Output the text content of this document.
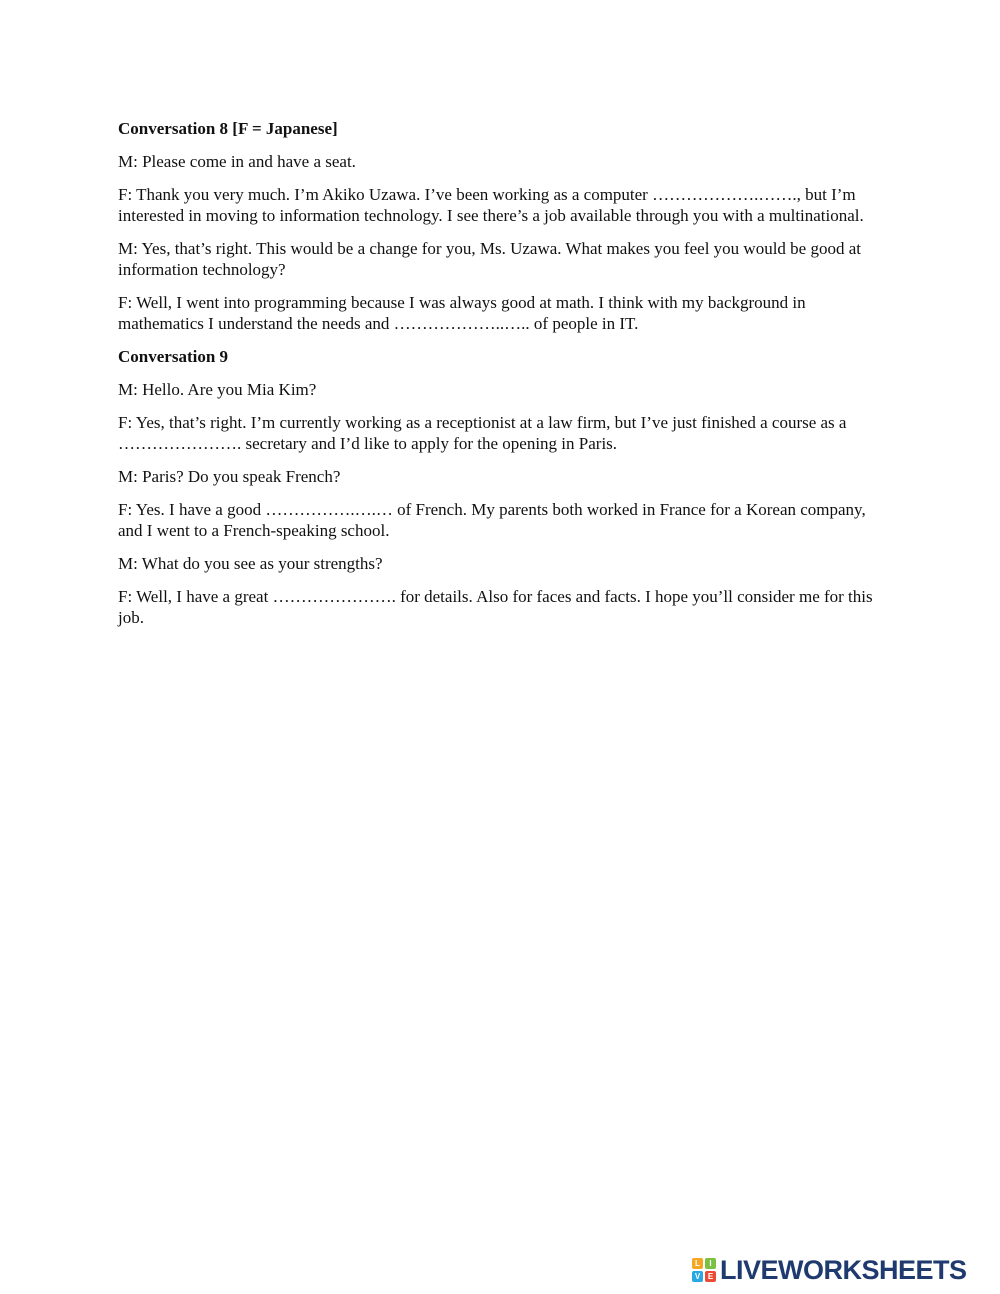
Conversation 8 [F = Japanese]

M: Please come in and have a seat.

F: Thank you very much. I’m Akiko Uzawa. I’ve been working as a computer ……………….……., but I’m interested in moving to information technology. I see there’s a job available through you with a multinational.

M: Yes, that’s right. This would be a change for you, Ms. Uzawa. What makes you feel you would be good at information technology?

F: Well, I went into programming because I was always good at math. I think with my background in mathematics I understand the needs and ………………..….. of people in IT.

Conversation 9

M: Hello. Are you Mia Kim?

F: Yes, that’s right. I’m currently working as a receptionist at a law firm, but I’ve just finished a course as a …………………. secretary and I’d like to apply for the opening in Paris.

M: Paris? Do you speak French?

F: Yes. I have a good …………….….… of French. My parents both worked in France for a Korean company, and I went to a French-speaking school.

M: What do you see as your strengths?

F: Well, I have a great …………………. for details. Also for faces and facts. I hope you’ll consider me for this job.

L	I
V E LIVEWORKSHEETS
